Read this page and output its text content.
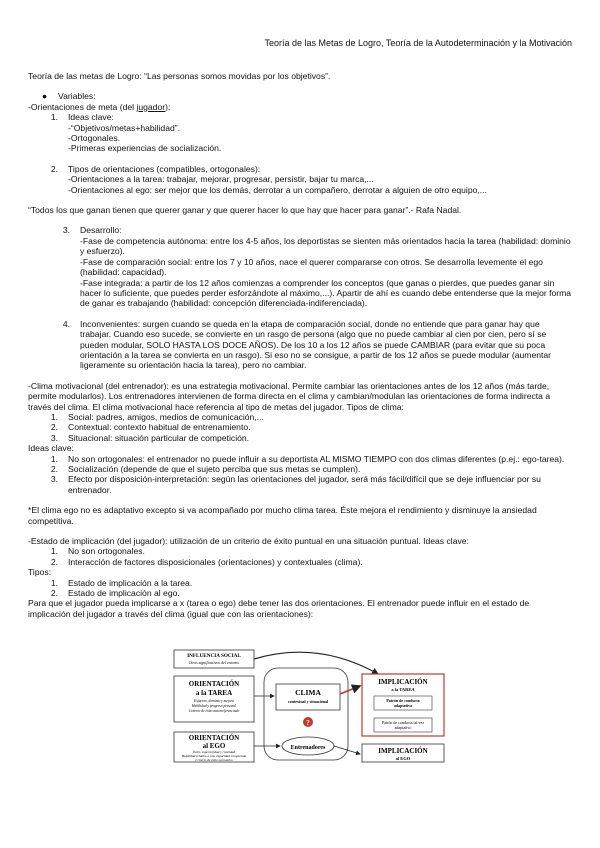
Teoría de las Metas de Logro, Teoría de la Autodeterminación y la Motivación

Teoría de las metas de Logro: “Las personas somos movidas por los objetivos”.

●	Variables:

-Orientaciones de meta (del jugador):

1.	Ideas clave:

-“Objetivos/metas+habilidad”.

-Ortogonales.

-Primeras experiencias de socialización.

2.	Tipos de orientaciones (compatibles, ortogonales):

-Orientaciones a la tarea: trabajar, mejorar, progresar, persistir, bajar tu marca,...

-Orientaciones al ego: ser mejor que los demás, derrotar a un compañero, derrotar a alguien de otro equipo,...

“Todos los que ganan tienen que querer ganar y que querer hacer lo que hay que hacer para ganar”.- Rafa Nadal.

3.	Desarrollo:

-Fase de competencia autónoma: entre los 4-5 años, los deportistas se sienten más orientados hacia la tarea (habilidad: dominio y esfuerzo).

-Fase de comparación social: entre los 7 y 10 años, nace el querer compararse con otros. Se desarrolla levemente el ego (habilidad: capacidad).

-Fase integrada: a partir de los 12 años comienzas a comprender los conceptos (que ganas o pierdes, que puedes ganar sin hacer lo suficiente, que puedes perder esforzándote al máximo,...). Apartir de ahí es cuando debe entenderse que la mejor forma de ganar es trabajando (habilidad: concepción diferenciada-indiferenciada).

4.	Inconvenientes: surgen cuando se queda en la etapa de comparación social, donde no entiende que para ganar hay que trabajar. Cuando eso sucede, se convierte en un rasgo de persona (algo que no puede cambiar al cien por cien, pero sí se pueden modular, SOLO HASTA LOS DOCE AÑOS). De los 10 a los 12 años se puede CAMBIAR (para evitar que su poca orientación a la tarea se convierta en un rasgo). Si eso no se consigue, a partir de los 12 años se puede modular (aumentar ligeramente su orientación hacia la tarea), pero no cambiar.

-Clima motivacional (del entrenador): es una estrategia motivacional. Permite cambiar las orientaciones antes de los 12 años (más tarde, permite modularlos). Los entrenadores intervienen de forma directa en el clima y cambian/modulan las orientaciones de forma indirecta a través del clima. El clima motivacional hace referencia al tipo de metas del jugador. Tipos de clima:

1.	Social: padres, amigos, medios de comunicación,...

2.	Contextual: contexto habitual de entrenamiento.

3.	Situacional: situación particular de competición.

Ideas clave:

1.	No son ortogonales: el entrenador no puede influir a su deportista AL MISMO TIEMPO con dos climas diferentes (p.ej.: ego-tarea).

2.	Socialización (depende de que el sujeto perciba que sus metas se cumplen).

3.	Efecto por disposición-interpretación: según las orientaciones del jugador, será más fácil/difícil que se deje influenciar por su entrenador.

*El clima ego no es adaptativo excepto si va acompañado por mucho clima tarea. Éste mejora el rendimiento y disminuye la ansiedad competitiva.

-Estado de implicación (del jugador): utilización de un criterio de éxito puntual en una situación puntual. Ideas clave:

1.	No son ortogonales.

2.	Interacción de factores disposicionales (orientaciones) y contextuales (clima).

Tipos:

1.	Estado de implicación a la tarea.

2.	Estado de implicación al ego.

Para que el jugador pueda implicarse a x (tarea o ego) debe tener las dos orientaciones. El entrenador puede influir en el estado de implicación del jugador a través del clima (igual que con las orientaciones):

INFLUENCIA SOCIAL
Otros significativos del entorno
ORIENTACIÓN
a la TAREA
Esfuerzo, dominio y mejora
Habilidad y progreso personal
Criterio de éxito autorreferenciado
ORIENTACIÓN
al EGO
Éxito, superioridad y rivalidad
Habilidad relativa a una capacidad comparada
Criterio de éxito normativo
CLIMA
contextual y situacional
?
Entrenadores
IMPLICACIÓN
a la TAREA
Patrón de conducta
adaptativo
Patrón de conducta tal vez
adaptativo
IMPLICACIÓN
al EGO
